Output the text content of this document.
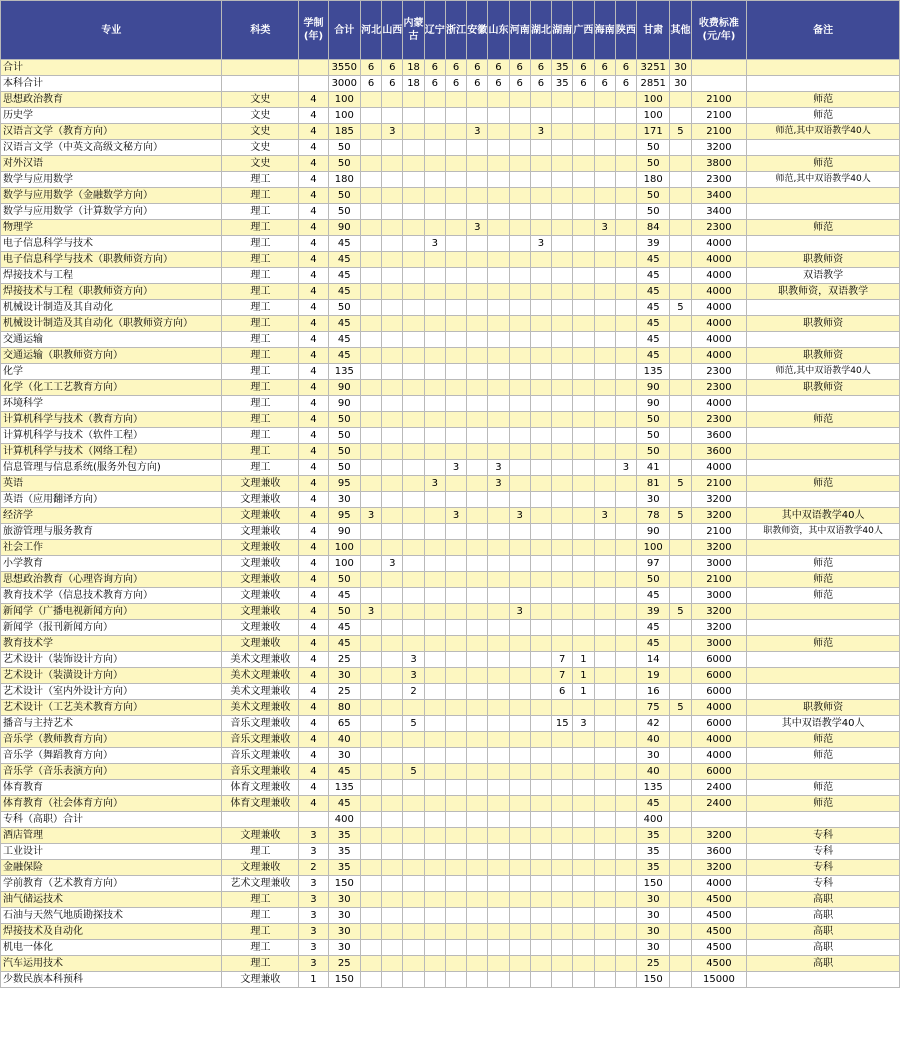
专业	科类	学制(年)	合计	河北	山西	内蒙古	辽宁	浙江	安徽	山东	河南	湖北	湖南	广西	海南	陕西	甘肃	其他	收费标准(元/年)	备注
合计			3550	6	6	18	6	6	6	6	6	6	35	6	6	6	3251	30		
本科合计			3000	6	6	18	6	6	6	6	6	6	35	6	6	6	2851	30		
思想政治教育	文史	4	100														100		2100	师范
历史学	文史	4	100														100		2100	师范
汉语言文学（教育方向）	文史	4	185		3				3			3					171	5	2100	师范,其中双语教学40人
汉语言文学（中英文高级文秘方向）	文史	4	50														50		3200	
对外汉语	文史	4	50														50		3800	师范
数学与应用数学	理工	4	180														180		2300	师范,其中双语教学40人
数学与应用数学（金融数学方向）	理工	4	50														50		3400	
数学与应用数学（计算数学方向）	理工	4	50														50		3400	
物理学	理工	4	90						3						3		84		2300	师范
电子信息科学与技术	理工	4	45				3					3					39		4000	
电子信息科学与技术（职教师资方向）	理工	4	45														45		4000	职教师资
焊接技术与工程	理工	4	45														45		4000	双语教学
焊接技术与工程（职教师资方向）	理工	4	45														45		4000	职教师资，双语教学
机械设计制造及其自动化	理工	4	50														45	5	4000	
机械设计制造及其自动化（职教师资方向）	理工	4	45														45		4000	职教师资
交通运输	理工	4	45														45		4000	
交通运输（职教师资方向）	理工	4	45														45		4000	职教师资
化学	理工	4	135														135		2300	师范,其中双语教学40人
化学（化工工艺教育方向）	理工	4	90														90		2300	职教师资
环境科学	理工	4	90														90		4000	
计算机科学与技术（教育方向）	理工	4	50														50		2300	师范
计算机科学与技术（软件工程）	理工	4	50														50		3600	
计算机科学与技术（网络工程）	理工	4	50														50		3600	
信息管理与信息系统(服务外包方向)	理工	4	50					3		3						3	41		4000	
英语	文理兼收	4	95				3			3							81	5	2100	师范
英语（应用翻译方向）	文理兼收	4	30														30		3200	
经济学	文理兼收	4	95	3				3			3				3		78	5	3200	其中双语教学40人
旅游管理与服务教育	文理兼收	4	90														90		2100	职教师资，其中双语教学40人
社会工作	文理兼收	4	100														100		3200	
小学教育	文理兼收	4	100		3												97		3000	师范
思想政治教育（心理咨询方向）	文理兼收	4	50														50		2100	师范
教育技术学（信息技术教育方向）	文理兼收	4	45														45		3000	师范
新闻学（广播电视新闻方向）	文理兼收	4	50	3							3						39	5	3200	
新闻学（报刊新闻方向）	文理兼收	4	45														45		3200	
教育技术学	文理兼收	4	45														45		3000	师范
艺术设计（装饰设计方向）	美术文理兼收	4	25			3							7	1			14		6000	
艺术设计（装潢设计方向）	美术文理兼收	4	30			3							7	1			19		6000	
艺术设计（室内外设计方向）	美术文理兼收	4	25			2							6	1			16		6000	
艺术设计（工艺美术教育方向）	美术文理兼收	4	80														75	5	4000	职教师资
播音与主持艺术	音乐文理兼收	4	65			5							15	3			42		6000	其中双语教学40人
音乐学（教师教育方向）	音乐文理兼收	4	40														40		4000	师范
音乐学（舞蹈教育方向）	音乐文理兼收	4	30														30		4000	师范
音乐学（音乐表演方向）	音乐文理兼收	4	45			5											40		6000	
体育教育	体育文理兼收	4	135														135		2400	师范
体育教育（社会体育方向）	体育文理兼收	4	45														45		2400	师范
专科（高职）合计			400														400			
酒店管理	文理兼收	3	35														35		3200	专科
工业设计	理工	3	35														35		3600	专科
金融保险	文理兼收	2	35														35		3200	专科
学前教育（艺术教育方向）	艺术文理兼收	3	150														150		4000	专科
油气储运技术	理工	3	30														30		4500	高职
石油与天然气地质勘探技术	理工	3	30														30		4500	高职
焊接技术及自动化	理工	3	30														30		4500	高职
机电一体化	理工	3	30														30		4500	高职
汽车运用技术	理工	3	25														25		4500	高职
少数民族本科预科	文理兼收	1	150														150		15000	
